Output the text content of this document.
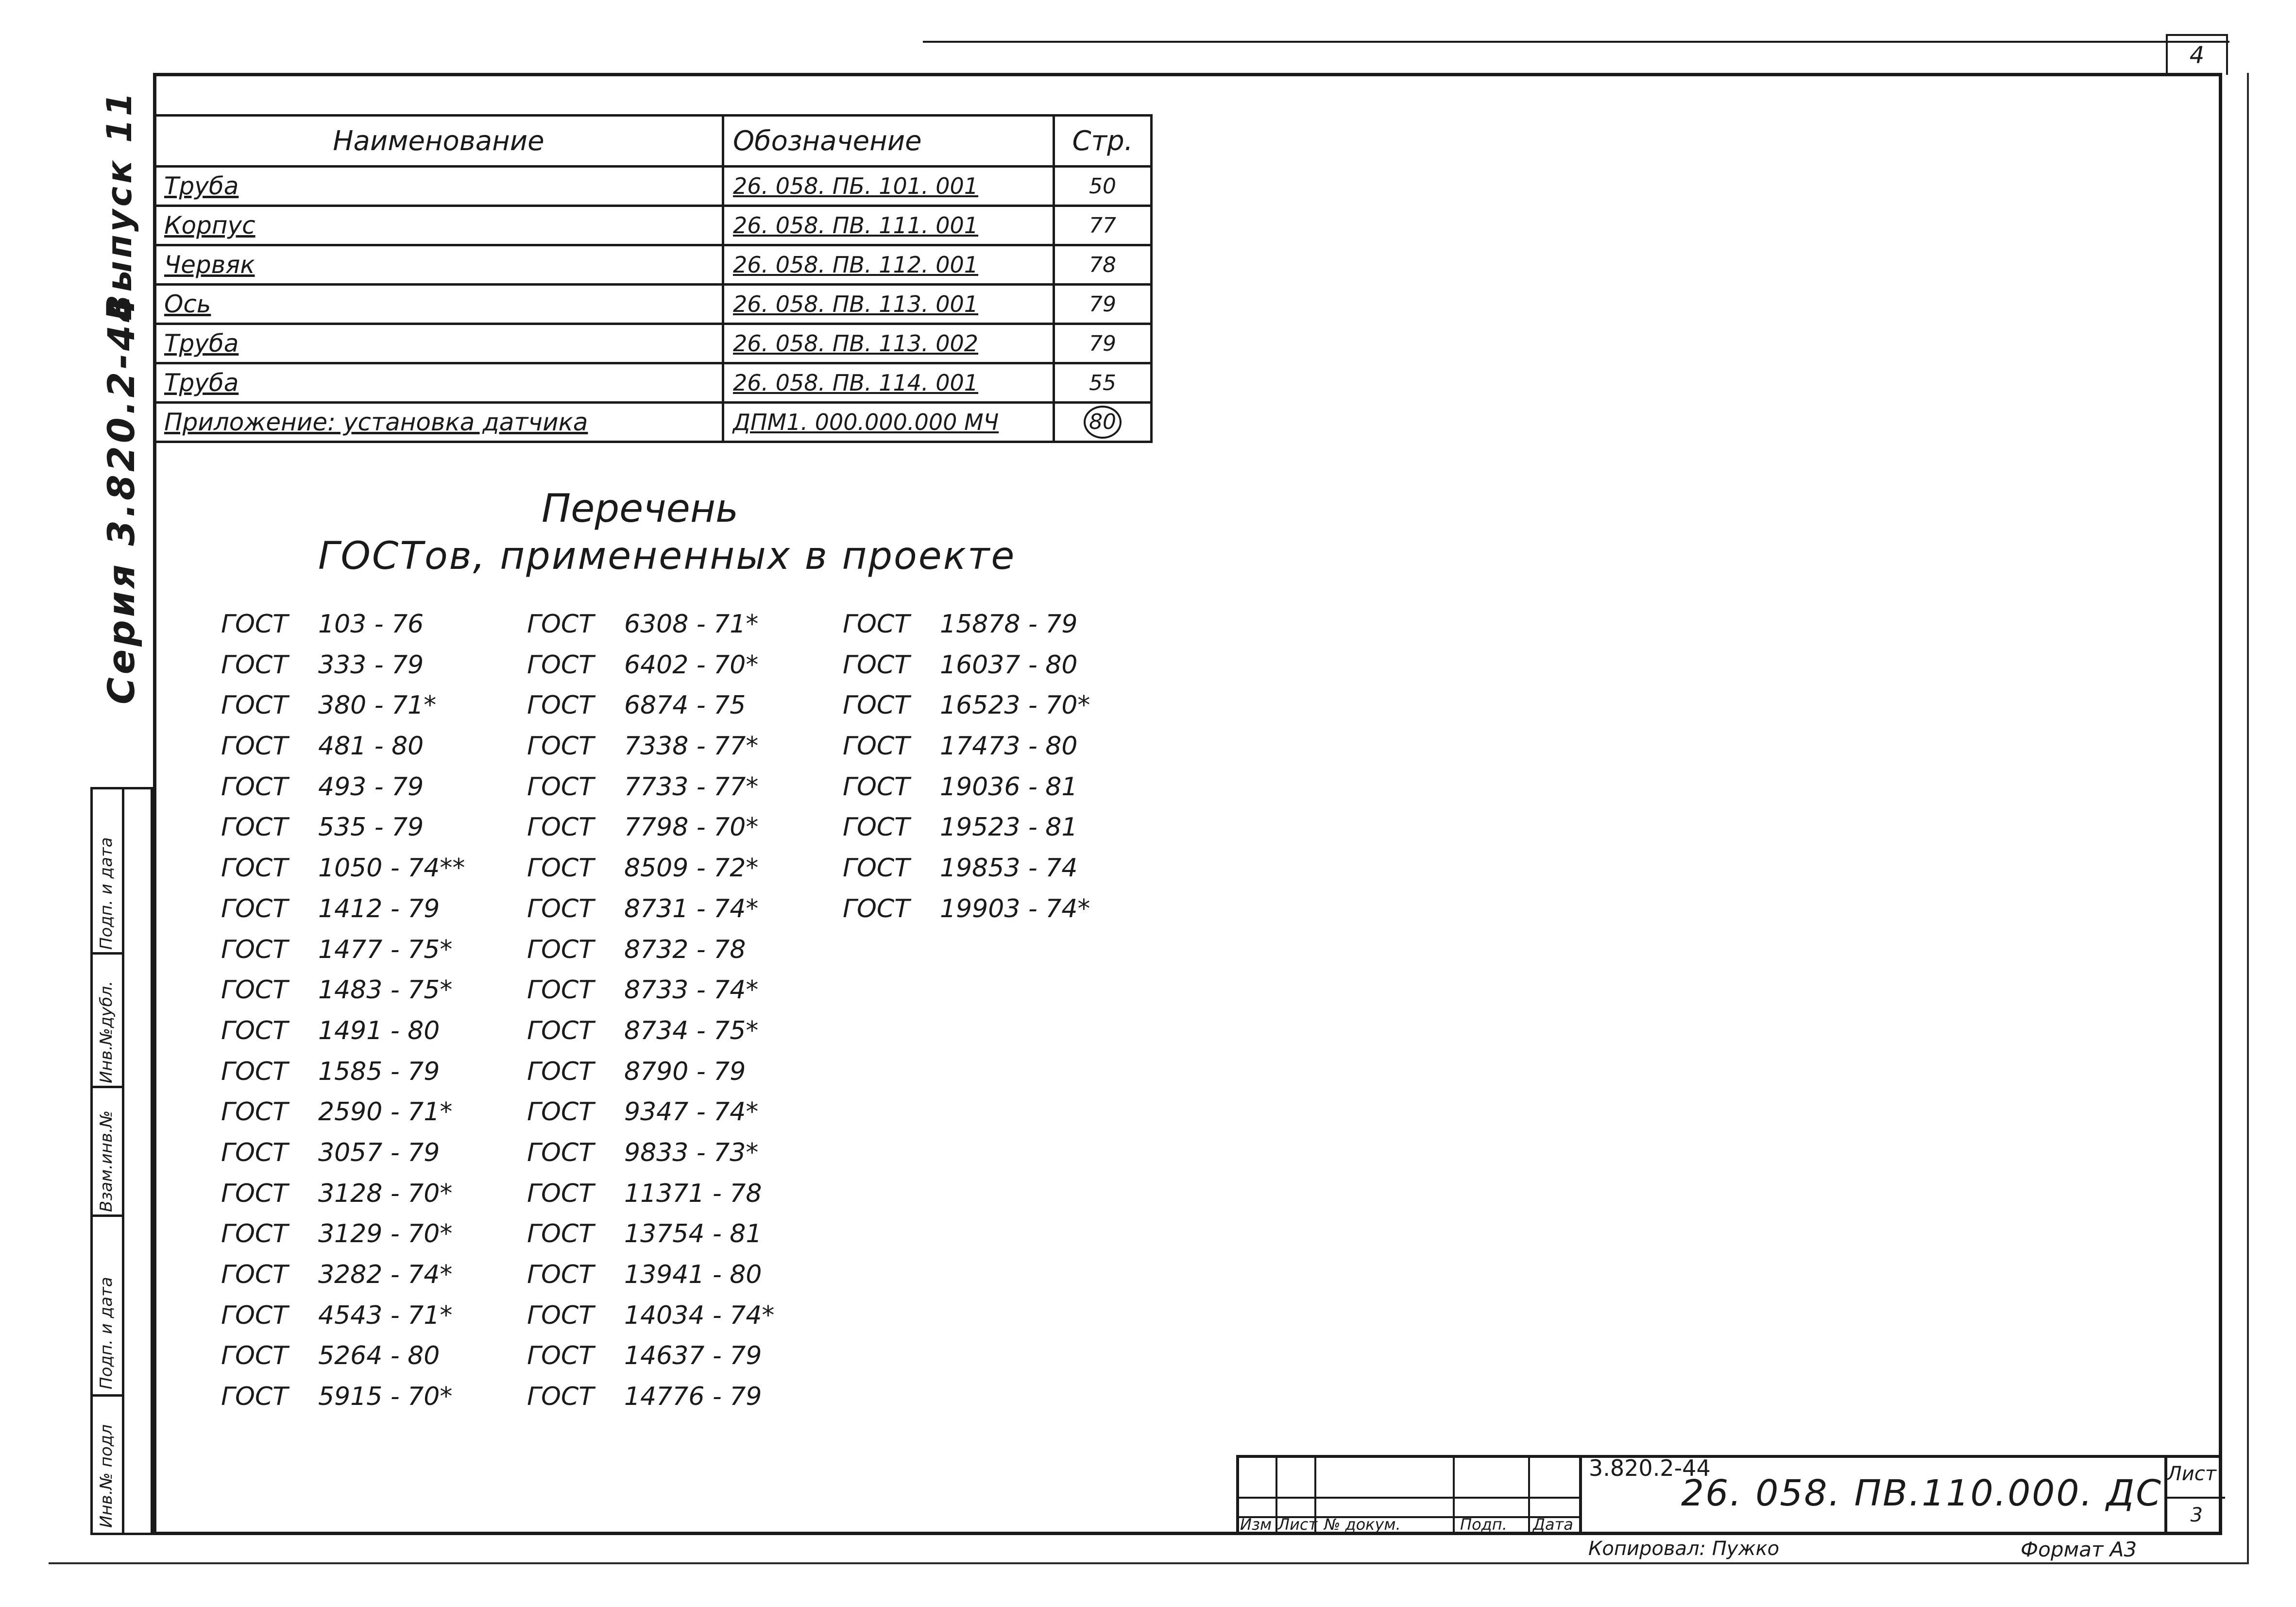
4
Серия 3.820.2-44
Выпуск 11
Подп. и дата
Инв.№дубл.
Взам.инв.№
Подп. и дата
Инв.№ подл
Наименование	Обозначение	Стр.
Труба	26. 058. ПБ. 101. 001	50
Корпус	26. 058. ПВ. 111. 001	77
Червяк	26. 058. ПВ. 112. 001	78
Ось	26. 058. ПВ. 113. 001	79
Труба	26. 058. ПВ. 113. 002	79
Труба	26. 058. ПВ. 114. 001	55
Приложение: установка датчика	ДПМ1. 000.000.000 МЧ	80
Перечень
ГОСТов, примененных в проекте
ГОСТ 103 - 76
ГОСТ 333 - 79
ГОСТ 380 - 71*
ГОСТ 481 - 80
ГОСТ 493 - 79
ГОСТ 535 - 79
ГОСТ 1050 - 74**
ГОСТ 1412 - 79
ГОСТ 1477 - 75*
ГОСТ 1483 - 75*
ГОСТ 1491 - 80
ГОСТ 1585 - 79
ГОСТ 2590 - 71*
ГОСТ 3057 - 79
ГОСТ 3128 - 70*
ГОСТ 3129 - 70*
ГОСТ 3282 - 74*
ГОСТ 4543 - 71*
ГОСТ 5264 - 80
ГОСТ 5915 - 70*
ГОСТ 6308 - 71*
ГОСТ 6402 - 70*
ГОСТ 6874 - 75
ГОСТ 7338 - 77*
ГОСТ 7733 - 77*
ГОСТ 7798 - 70*
ГОСТ 8509 - 72*
ГОСТ 8731 - 74*
ГОСТ 8732 - 78
ГОСТ 8733 - 74*
ГОСТ 8734 - 75*
ГОСТ 8790 - 79
ГОСТ 9347 - 74*
ГОСТ 9833 - 73*
ГОСТ 11371 - 78
ГОСТ 13754 - 81
ГОСТ 13941 - 80
ГОСТ 14034 - 74*
ГОСТ 14637 - 79
ГОСТ 14776 - 79
ГОСТ 15878 - 79
ГОСТ 16037 - 80
ГОСТ 16523 - 70*
ГОСТ 17473 - 80
ГОСТ 19036 - 81
ГОСТ 19523 - 81
ГОСТ 19853 - 74
ГОСТ 19903 - 74*
Изм Лист № докум.	Подп. Дата
3.820.2-44
26. 058. ПВ.110.000. ДС Лист
3
Копировал: Пужко	Формат А3
